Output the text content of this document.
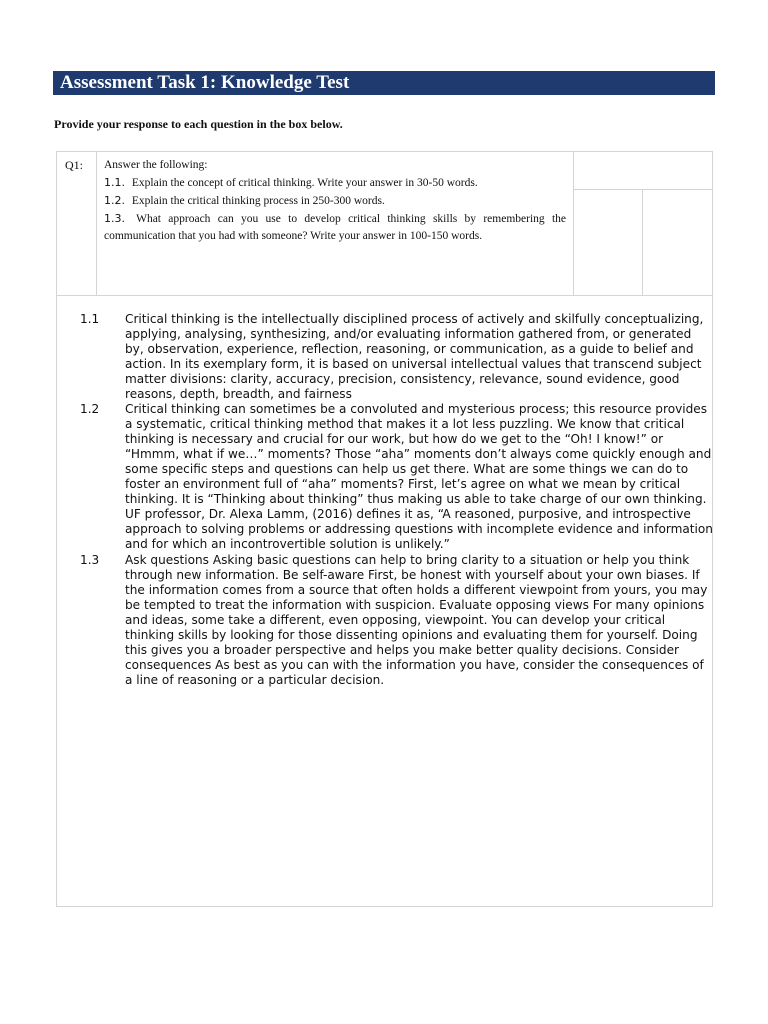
Assessment Task 1: Knowledge Test
Provide your response to each question in the box below.
Q1: Answer the following:
1.1. Explain the concept of critical thinking. Write your answer in 30-50 words.
1.2. Explain the critical thinking process in 250-300 words.
1.3. What approach can you use to develop critical thinking skills by remembering the communication that you had with someone? Write your answer in 100-150 words.
1.1 Critical thinking is the intellectually disciplined process of actively and skilfully conceptualizing, applying, analysing, synthesizing, and/or evaluating information gathered from, or generated by, observation, experience, reflection, reasoning, or communication, as a guide to belief and action. In its exemplary form, it is based on universal intellectual values that transcend subject matter divisions: clarity, accuracy, precision, consistency, relevance, sound evidence, good reasons, depth, breadth, and fairness
1.2 Critical thinking can sometimes be a convoluted and mysterious process; this resource provides a systematic, critical thinking method that makes it a lot less puzzling. We know that critical thinking is necessary and crucial for our work, but how do we get to the “Oh! I know!” or “Hmmm, what if we…” moments? Those “aha” moments don’t always come quickly enough and some specific steps and questions can help us get there. What are some things we can do to foster an environment full of “aha” moments? First, let’s agree on what we mean by critical thinking. It is “Thinking about thinking” thus making us able to take charge of our own thinking. UF professor, Dr. Alexa Lamm, (2016) defines it as, “A reasoned, purposive, and introspective approach to solving problems or addressing questions with incomplete evidence and information and for which an incontrovertible solution is unlikely.”
1.3 Ask questions Asking basic questions can help to bring clarity to a situation or help you think through new information. Be self-aware First, be honest with yourself about your own biases. If the information comes from a source that often holds a different viewpoint from yours, you may be tempted to treat the information with suspicion. Evaluate opposing views For many opinions and ideas, some take a different, even opposing, viewpoint. You can develop your critical thinking skills by looking for those dissenting opinions and evaluating them for yourself. Doing this gives you a broader perspective and helps you make better quality decisions. Consider consequences As best as you can with the information you have, consider the consequences of a line of reasoning or a particular decision.
